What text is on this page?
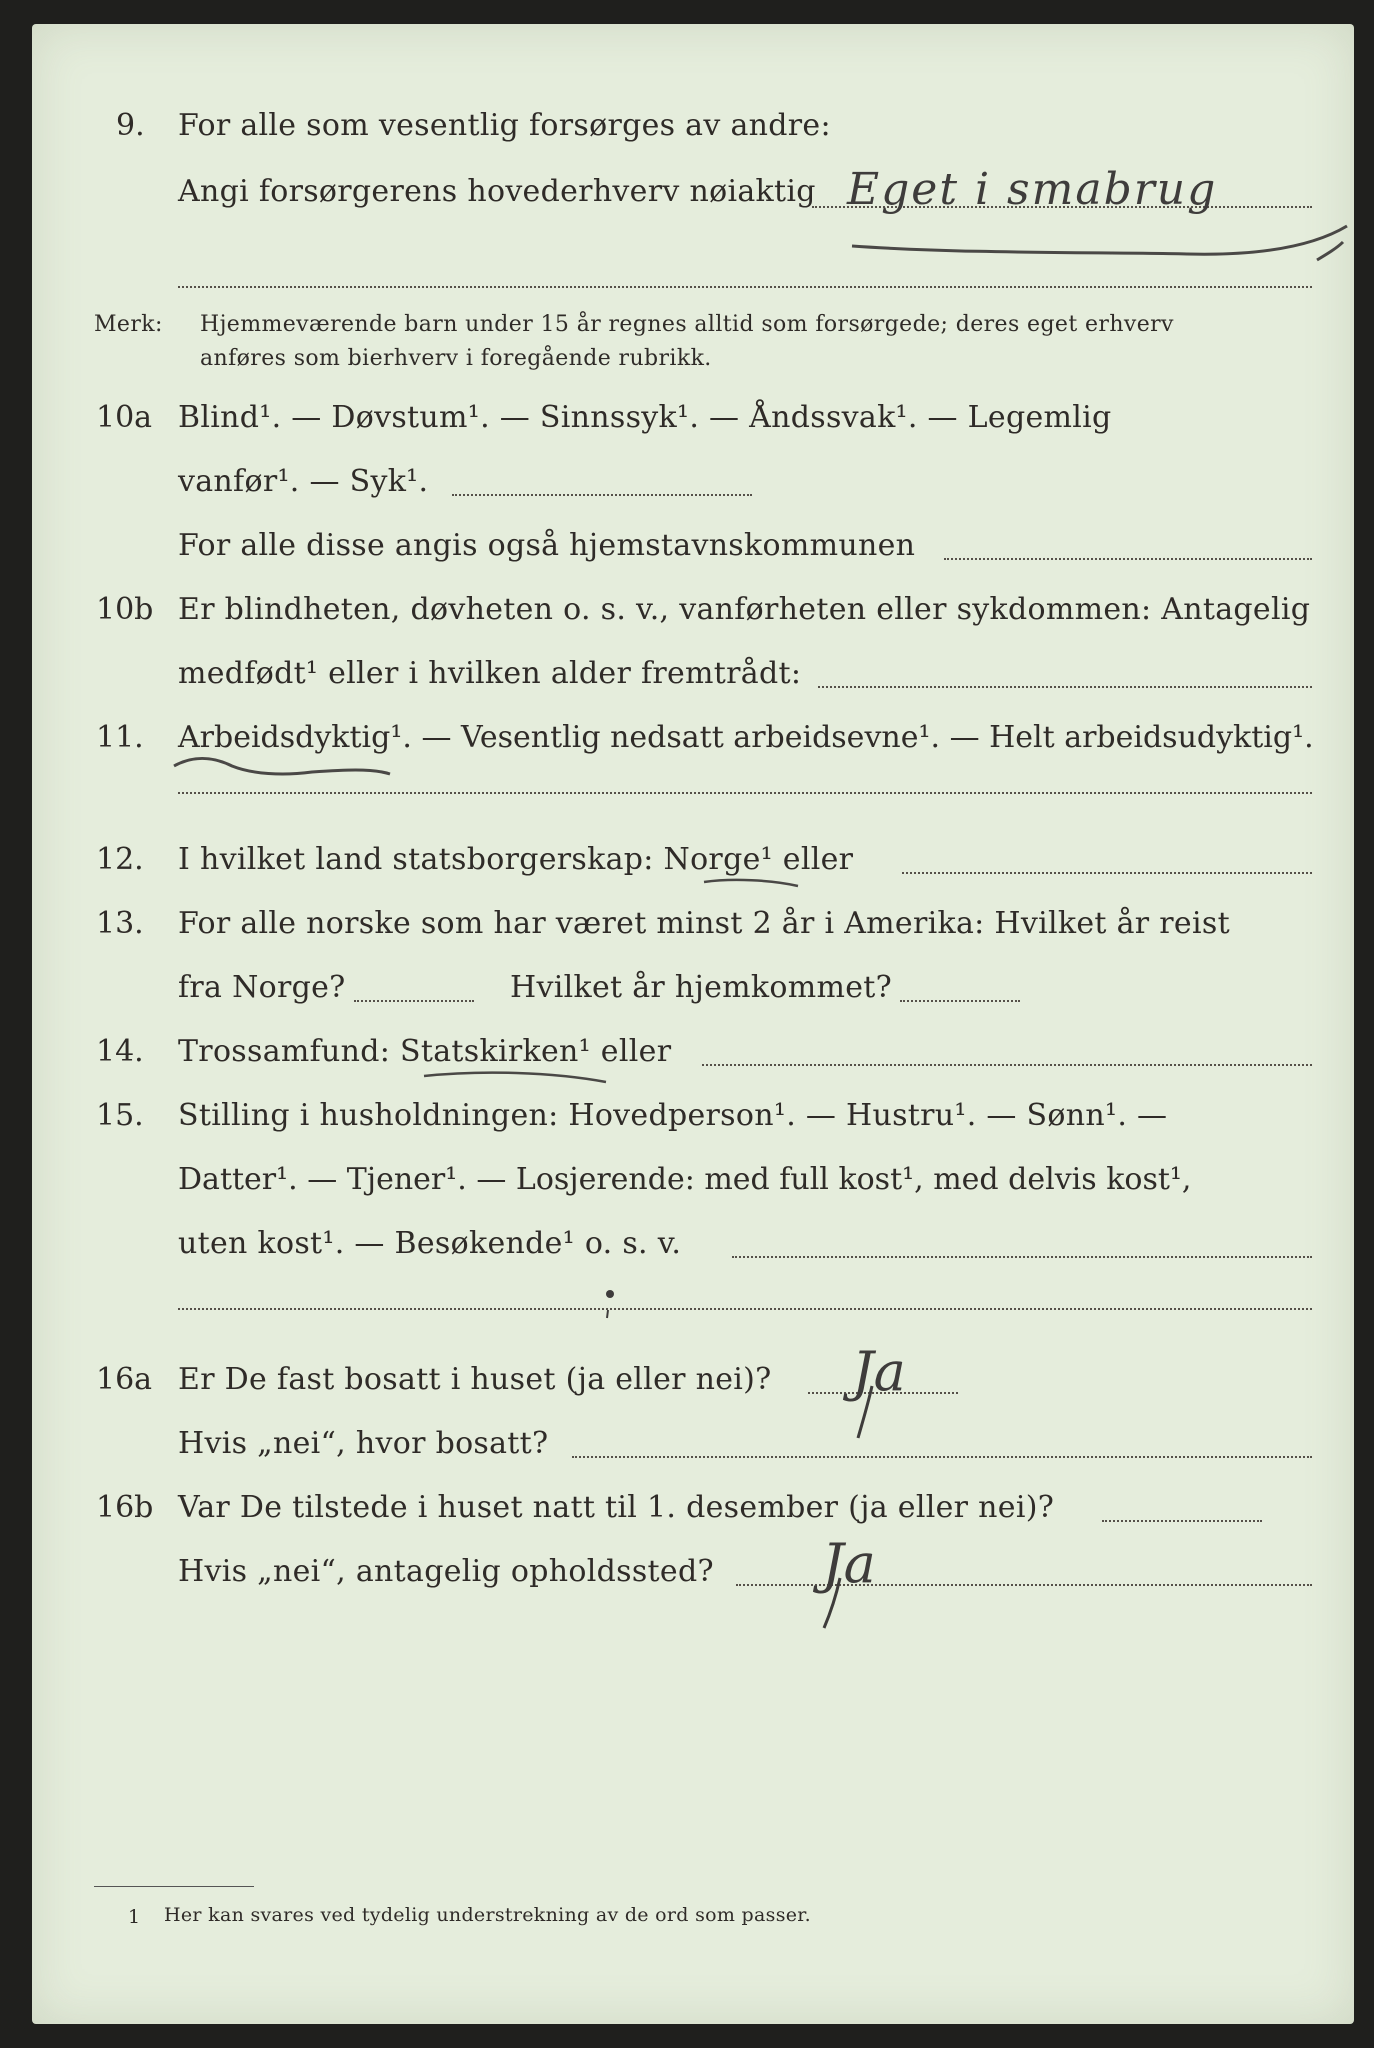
9. For alle som vesentlig forsørges av andre:
Angi forsørgerens hovederhverv nøiaktig Eget i smabrug
Merk: Hjemmeværende barn under 15 år regnes alltid som forsørgede; deres eget erhverv
anføres som bierhverv i foregående rubrikk.
10a Blind¹. — Døvstum¹. — Sinnssyk¹. — Åndssvak¹. — Legemlig
vanfør¹. — Syk¹.
For alle disse angis også hjemstavnskommunen
10b Er blindheten, døvheten o. s. v., vanførheten eller sykdommen: Antagelig
medfødt¹ eller i hvilken alder fremtrådt:
11. Arbeidsdyktig¹. — Vesentlig nedsatt arbeidsevne¹. — Helt arbeidsudyktig¹.
12. I hvilket land statsborgerskap: Norge¹ eller
13. For alle norske som har været minst 2 år i Amerika: Hvilket år reist
fra Norge?	Hvilket år hjemkommet?
14. Trossamfund: Statskirken¹ eller
15. Stilling i husholdningen: Hovedperson¹. — Hustru¹. — Sønn¹. —
Datter¹. — Tjener¹. — Losjerende: med full kost¹, med delvis kost¹,
uten kost¹. — Besøkende¹ o. s. v.
16a Er De fast bosatt i huset (ja eller nei)? Ja
Hvis „nei“, hvor bosatt?
16b Var De tilstede i huset natt til 1. desember (ja eller nei)?
Hvis „nei“, antagelig opholdssted? Ja
1 Her kan svares ved tydelig understrekning av de ord som passer.
